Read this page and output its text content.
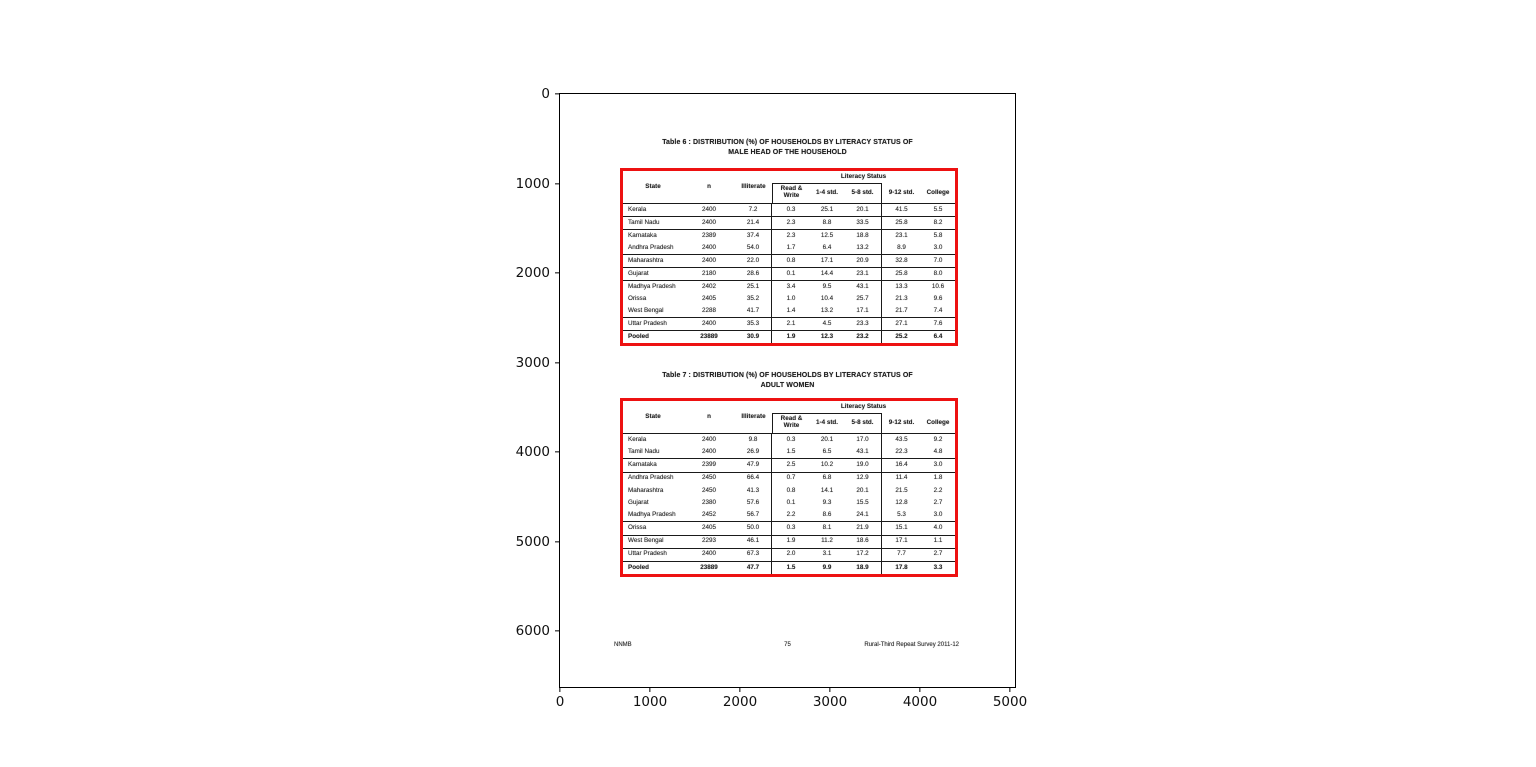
Table 6 : DISTRIBUTION (%) OF HOUSEHOLDS BY LITERACY STATUS OF
MALE HEAD OF THE HOUSEHOLD
State	n	Illiterate
Literacy Status
Read & Write	1-4 std.	5-8 std.	9-12 std.	College
Kerala	2400	7.2	0.3	25.1	20.1	41.5	5.5
Tamil Nadu	2400	21.4	2.3	8.8	33.5	25.8	8.2
Karnataka	2389	37.4	2.3	12.5	18.8	23.1	5.8
Andhra Pradesh	2400	54.0	1.7	6.4	13.2	8.9	3.0
Maharashtra	2400	22.0	0.8	17.1	20.9	32.8	7.0
Gujarat	2180	28.6	0.1	14.4	23.1	25.8	8.0
Madhya Pradesh	2402	25.1	3.4	9.5	43.1	13.3	10.6
Orissa	2405	35.2	1.0	10.4	25.7	21.3	9.6
West Bengal	2288	41.7	1.4	13.2	17.1	21.7	7.4
Uttar Pradesh	2400	35.3	2.1	4.5	23.3	27.1	7.6
Pooled	23889	30.9	1.9	12.3	23.2	25.2	6.4
Table 7 : DISTRIBUTION (%) OF HOUSEHOLDS BY LITERACY STATUS OF
ADULT WOMEN
State	n	Illiterate
Literacy Status
Read & Write	1-4 std.	5-8 std.	9-12 std.	College
Kerala	2400	9.8	0.3	20.1	17.0	43.5	9.2
Tamil Nadu	2400	26.9	1.5	6.5	43.1	22.3	4.8
Karnataka	2399	47.9	2.5	10.2	19.0	16.4	3.0
Andhra Pradesh	2450	66.4	0.7	6.8	12.9	11.4	1.8
Maharashtra	2450	41.3	0.8	14.1	20.1	21.5	2.2
Gujarat	2380	57.6	0.1	9.3	15.5	12.8	2.7
Madhya Pradesh	2452	56.7	2.2	8.6	24.1	5.3	3.0
Orissa	2405	50.0	0.3	8.1	21.9	15.1	4.0
West Bengal	2293	46.1	1.9	11.2	18.6	17.1	1.1
Uttar Pradesh	2400	67.3	2.0	3.1	17.2	7.7	2.7
Pooled	23889	47.7	1.5	9.9	18.9	17.8	3.3
NNMB	75	Rural-Third Repeat Survey 2011-12
0
1000
2000
3000
4000
5000
6000
0	1000	2000	3000	4000	5000
